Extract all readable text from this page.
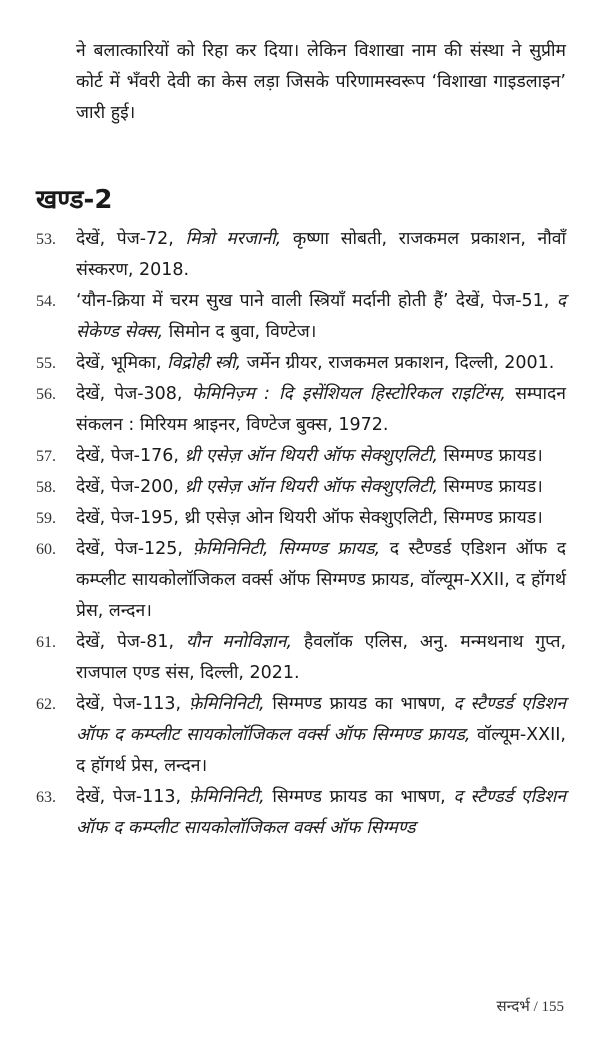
ने बलात्कारियों को रिहा कर दिया। लेकिन विशाखा नाम की संस्था ने सुप्रीम कोर्ट में भँवरी देवी का केस लड़ा जिसके परिणामस्वरूप ‘विशाखा गाइडलाइन’ जारी हुई।
खण्ड-2
53.	देखें, पेज-72, मित्रो मरजानी, कृष्णा सोबती, राजकमल प्रकाशन, नौवाँ संस्करण, 2018.
54.	‘यौन-क्रिया में चरम सुख पाने वाली स्त्रियाँ मर्दानी होती हैं’ देखें, पेज-51, द सेकेण्ड सेक्स, सिमोन द बुवा, विण्टेज।
55.	देखें, भूमिका, विद्रोही स्त्री, जर्मेन ग्रीयर, राजकमल प्रकाशन, दिल्ली, 2001.
56.	देखें, पेज-308, फेमिनिज़्म : दि इसेंशियल हिस्टोरिकल राइटिंग्स, सम्पादन संकलन : मिरियम श्राइनर, विण्टेज बुक्स, 1972.
57.	देखें, पेज-176, थ्री एसेज़ ऑन थियरी ऑफ सेक्शुएलिटी, सिग्मण्ड फ्रायड।
58.	देखें, पेज-200, थ्री एसेज़ ऑन थियरी ऑफ सेक्शुएलिटी, सिग्मण्ड फ्रायड।
59.	देखें, पेज-195, थ्री एसेज़ ओन थियरी ऑफ सेक्शुएलिटी, सिग्मण्ड फ्रायड।
60.	देखें, पेज-125, फ़ेमिनिनिटी, सिग्मण्ड फ्रायड, द स्टैण्डर्ड एडिशन ऑफ द कम्प्लीट सायकोलॉजिकल वर्क्स ऑफ सिग्मण्ड फ्रायड, वॉल्यूम-XXII, द हॉगर्थ प्रेस, लन्दन।
61.	देखें, पेज-81, यौन मनोविज्ञान, हैवलॉक एलिस, अनु. मन्मथनाथ गुप्त, राजपाल एण्ड संस, दिल्ली, 2021.
62.	देखें, पेज-113, फ़ेमिनिनिटी, सिग्मण्ड फ्रायड का भाषण, द स्टैण्डर्ड एडिशन ऑफ द कम्प्लीट सायकोलॉजिकल वर्क्स ऑफ सिग्मण्ड फ्रायड, वॉल्यूम-XXII, द हॉगर्थ प्रेस, लन्दन।
63.	देखें, पेज-113, फ़ेमिनिनिटी, सिग्मण्ड फ्रायड का भाषण, द स्टैण्डर्ड एडिशन ऑफ द कम्प्लीट सायकोलॉजिकल वर्क्स ऑफ सिग्मण्ड
सन्दर्भ / 155
